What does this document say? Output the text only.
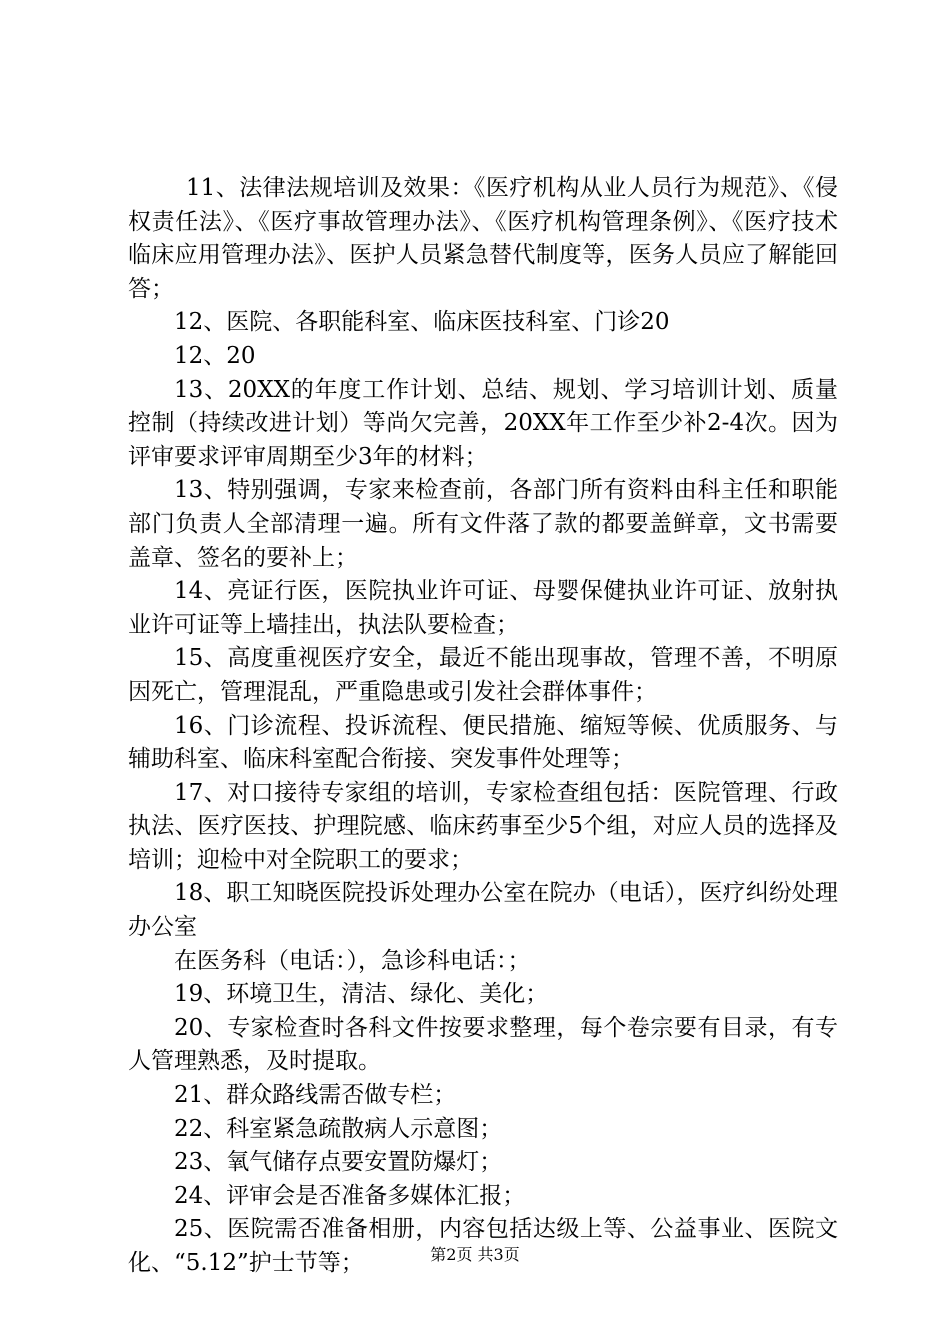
11、法律法规培训及效果：《医疗机构从业人员行为规范》、《侵权责任法》、《医疗事故管理办法》、《医疗机构管理条例》、《医疗技术临床应用管理办法》、医护人员紧急替代制度等，医务人员应了解能回答；

12、医院、各职能科室、临床医技科室、门诊20

12、20

13、20XX的年度工作计划、总结、规划、学习培训计划、质量控制（持续改进计划）等尚欠完善，20XX年工作至少补2-4次。因为评审要求评审周期至少3年的材料；

13、特别强调，专家来检查前，各部门所有资料由科主任和职能部门负责人全部清理一遍。所有文件落了款的都要盖鲜章，文书需要盖章、签名的要补上；

14、亮证行医，医院执业许可证、母婴保健执业许可证、放射执业许可证等上墙挂出，执法队要检查；

15、高度重视医疗安全，最近不能出现事故，管理不善，不明原因死亡，管理混乱，严重隐患或引发社会群体事件；

16、门诊流程、投诉流程、便民措施、缩短等候、优质服务、与辅助科室、临床科室配合衔接、突发事件处理等；

17、对口接待专家组的培训，专家检查组包括：医院管理、行政执法、医疗医技、护理院感、临床药事至少5个组，对应人员的选择及培训；迎检中对全院职工的要求；

18、职工知晓医院投诉处理办公室在院办（电话），医疗纠纷处理办公室

在医务科（电话：），急诊科电话：；

19、环境卫生，清洁、绿化、美化；

20、专家检查时各科文件按要求整理，每个卷宗要有目录，有专人管理熟悉，及时提取。

21、群众路线需否做专栏；

22、科室紧急疏散病人示意图；

23、氧气储存点要安置防爆灯；

24、评审会是否准备多媒体汇报；

25、医院需否准备相册，内容包括达级上等、公益事业、医院文化、“5.12”护士节等；	第2页 共3页
